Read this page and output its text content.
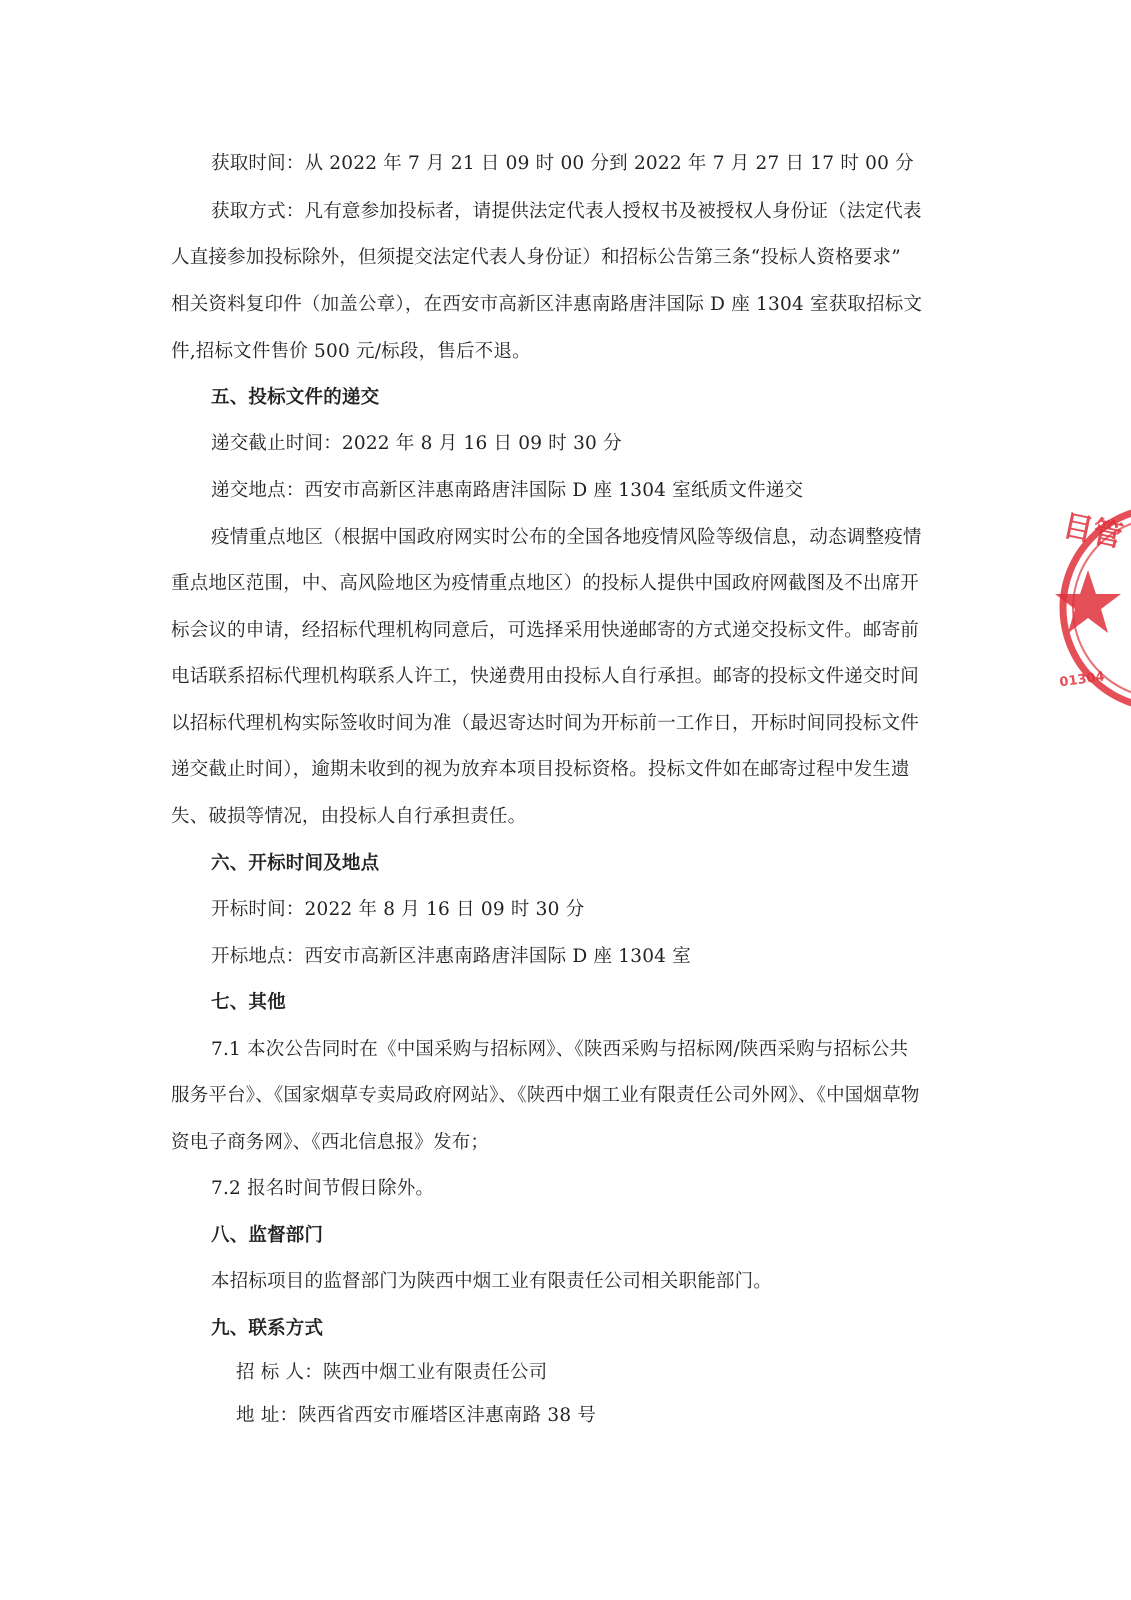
获取时间：从 2022 年 7 月 21 日 09 时 00 分到 2022 年 7 月 27 日 17 时 00 分
获取方式：凡有意参加投标者，请提供法定代表人授权书及被授权人身份证（法定代表
人直接参加投标除外，但须提交法定代表人身份证）和招标公告第三条“投标人资格要求”
相关资料复印件（加盖公章），在西安市高新区沣惠南路唐沣国际 D 座 1304 室获取招标文
件,招标文件售价 500 元/标段，售后不退。
五、投标文件的递交
递交截止时间：2022 年 8 月 16 日 09 时 30 分
递交地点：西安市高新区沣惠南路唐沣国际 D 座 1304 室纸质文件递交
疫情重点地区（根据中国政府网实时公布的全国各地疫情风险等级信息，动态调整疫情
重点地区范围，中、高风险地区为疫情重点地区）的投标人提供中国政府网截图及不出席开
标会议的申请，经招标代理机构同意后，可选择采用快递邮寄的方式递交投标文件。邮寄前
电话联系招标代理机构联系人许工，快递费用由投标人自行承担。邮寄的投标文件递交时间
以招标代理机构实际签收时间为准（最迟寄达时间为开标前一工作日，开标时间同投标文件
递交截止时间），逾期未收到的视为放弃本项目投标资格。投标文件如在邮寄过程中发生遗
失、破损等情况，由投标人自行承担责任。
六、开标时间及地点
开标时间：2022 年 8 月 16 日 09 时 30 分
开标地点：西安市高新区沣惠南路唐沣国际 D 座 1304 室
七、其他
7.1 本次公告同时在《中国采购与招标网》、《陕西采购与招标网/陕西采购与招标公共
服务平台》、《国家烟草专卖局政府网站》、《陕西中烟工业有限责任公司外网》、《中国烟草物
资电子商务网》、《西北信息报》发布；
7.2 报名时间节假日除外。
八、监督部门
本招标项目的监督部门为陕西中烟工业有限责任公司相关职能部门。
九、联系方式
招 标 人：陕西中烟工业有限责任公司
地 址：陕西省西安市雁塔区沣惠南路 38 号
目管
01304
